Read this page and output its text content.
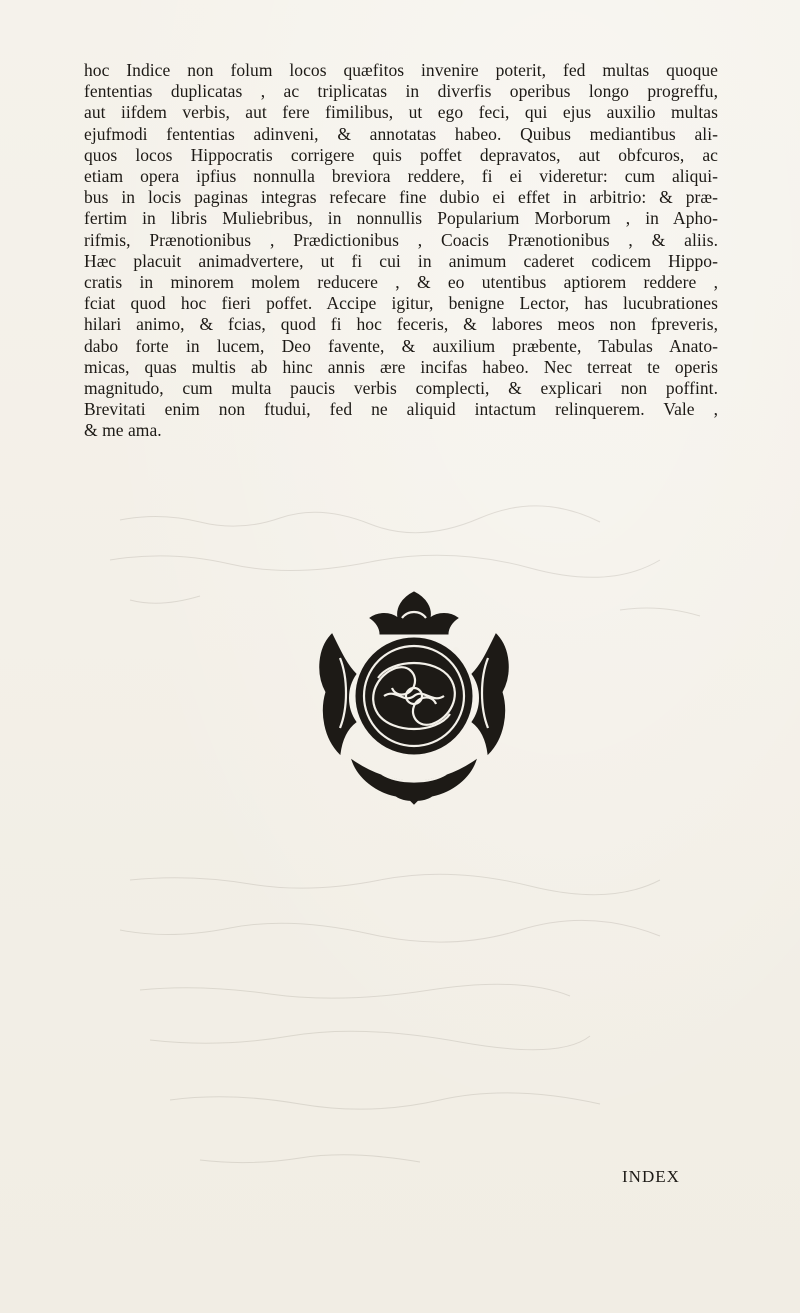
hoc Indice non folum locos quæfitos invenire poterit, fed multas quoque
fententias duplicatas , ac triplicatas in diverfis operibus longo progreffu,
aut iifdem verbis, aut fere fimilibus, ut ego feci, qui ejus auxilio multas
ejufmodi fententias adinveni, & annotatas habeo. Quibus mediantibus ali-
quos locos Hippocratis corrigere quis poffet depravatos, aut obfcuros, ac
etiam opera ipfius nonnulla breviora reddere, fi ei videretur: cum aliqui-
bus in locis paginas integras refecare fine dubio ei effet in arbitrio: & præ-
fertim in libris Muliebribus, in nonnullis Popularium Morborum , in Apho-
rifmis, Prænotionibus , Prædictionibus , Coacis Prænotionibus , & aliis.
Hæc placuit animadvertere, ut fi cui in animum caderet codicem Hippo-
cratis in minorem molem reducere , & eo utentibus aptiorem reddere ,
fciat quod hoc fieri poffet. Accipe igitur, benigne Lector, has lucubrationes
hilari animo, & fcias, quod fi hoc feceris, & labores meos non fpreveris,
dabo forte in lucem, Deo favente, & auxilium præbente, Tabulas Anato-
micas, quas multis ab hinc annis ære incifas habeo. Nec terreat te operis
magnitudo, cum multa paucis verbis complecti, & explicari non poffint.
Brevitati enim non ftudui, fed ne aliquid intactum relinquerem. Vale ,
& me ama.

INDEX
